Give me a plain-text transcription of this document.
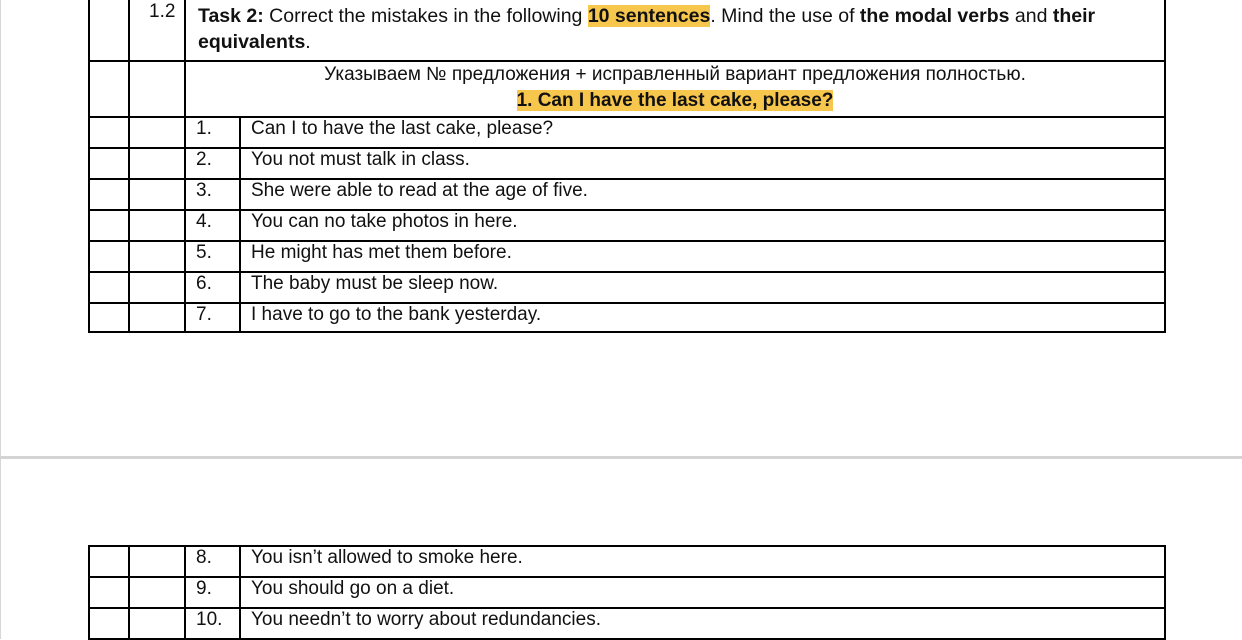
	1.2	Task 2: Correct the mistakes in the following 10 sentences. Mind the use of the modal verbs and their equivalents.	

		Указываем № предложения + исправленный вариант предложения полностью.
1. Can I have the last cake, please?	

		1.	Can I to have the last cake, please?
		2.	You not must talk in class.
		3.	She were able to read at the age of five.
		4.	You can no take photos in here.
		5.	He might has met them before.
		6.	The baby must be sleep now.
		7.	I have to go to the bank yesterday.
		8.	You isn’t allowed to smoke here.
		9.	You should go on a diet.
		10.	You needn’t to worry about redundancies.
